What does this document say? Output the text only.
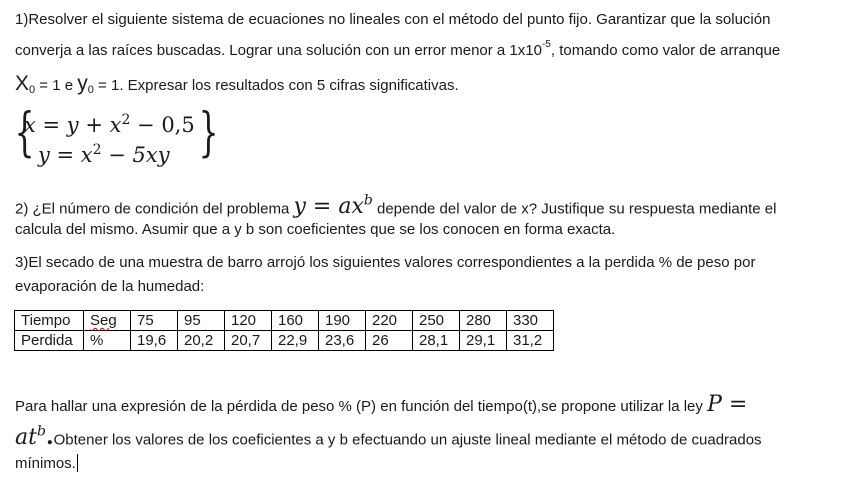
1)Resolver el siguiente sistema de ecuaciones no lineales con el método del punto fijo. Garantizar que la solución
converja a las raíces buscadas. Lograr una solución con un error menor a $1x10^{-5}$, tomando como valor de arranque
$X_0 = 1$ e $y_0 = 1$. Expresar los resultados con 5 cifras significativas.
{
$x = y + x^2 - 0,5$
$y = x^2 - 5xy$ }
2) ¿El número de condición del problema $y = ax^b$ depende del valor de x? Justifique su respuesta mediante el
calcula del mismo. Asumir que a y b son coeficientes que se los conocen en forma exacta.
3)El secado de una muestra de barro arrojó los siguientes valores correspondientes a la perdida % de peso por
evaporación de la humedad:
Tiempo	Seg	75	95	120	160	190	220	250	280	330
Perdida	%	19,6	20,2	20,7	22,9	23,6	26	28,1	29,1	31,2
Para hallar una expresión de la pérdida de peso % (P) en función del tiempo(t),se propone utilizar la ley P =
$at^b.Obtener$ los valores de los coeficientes a y b efectuando un ajuste lineal mediante el método de cuadrados
mínimos.
